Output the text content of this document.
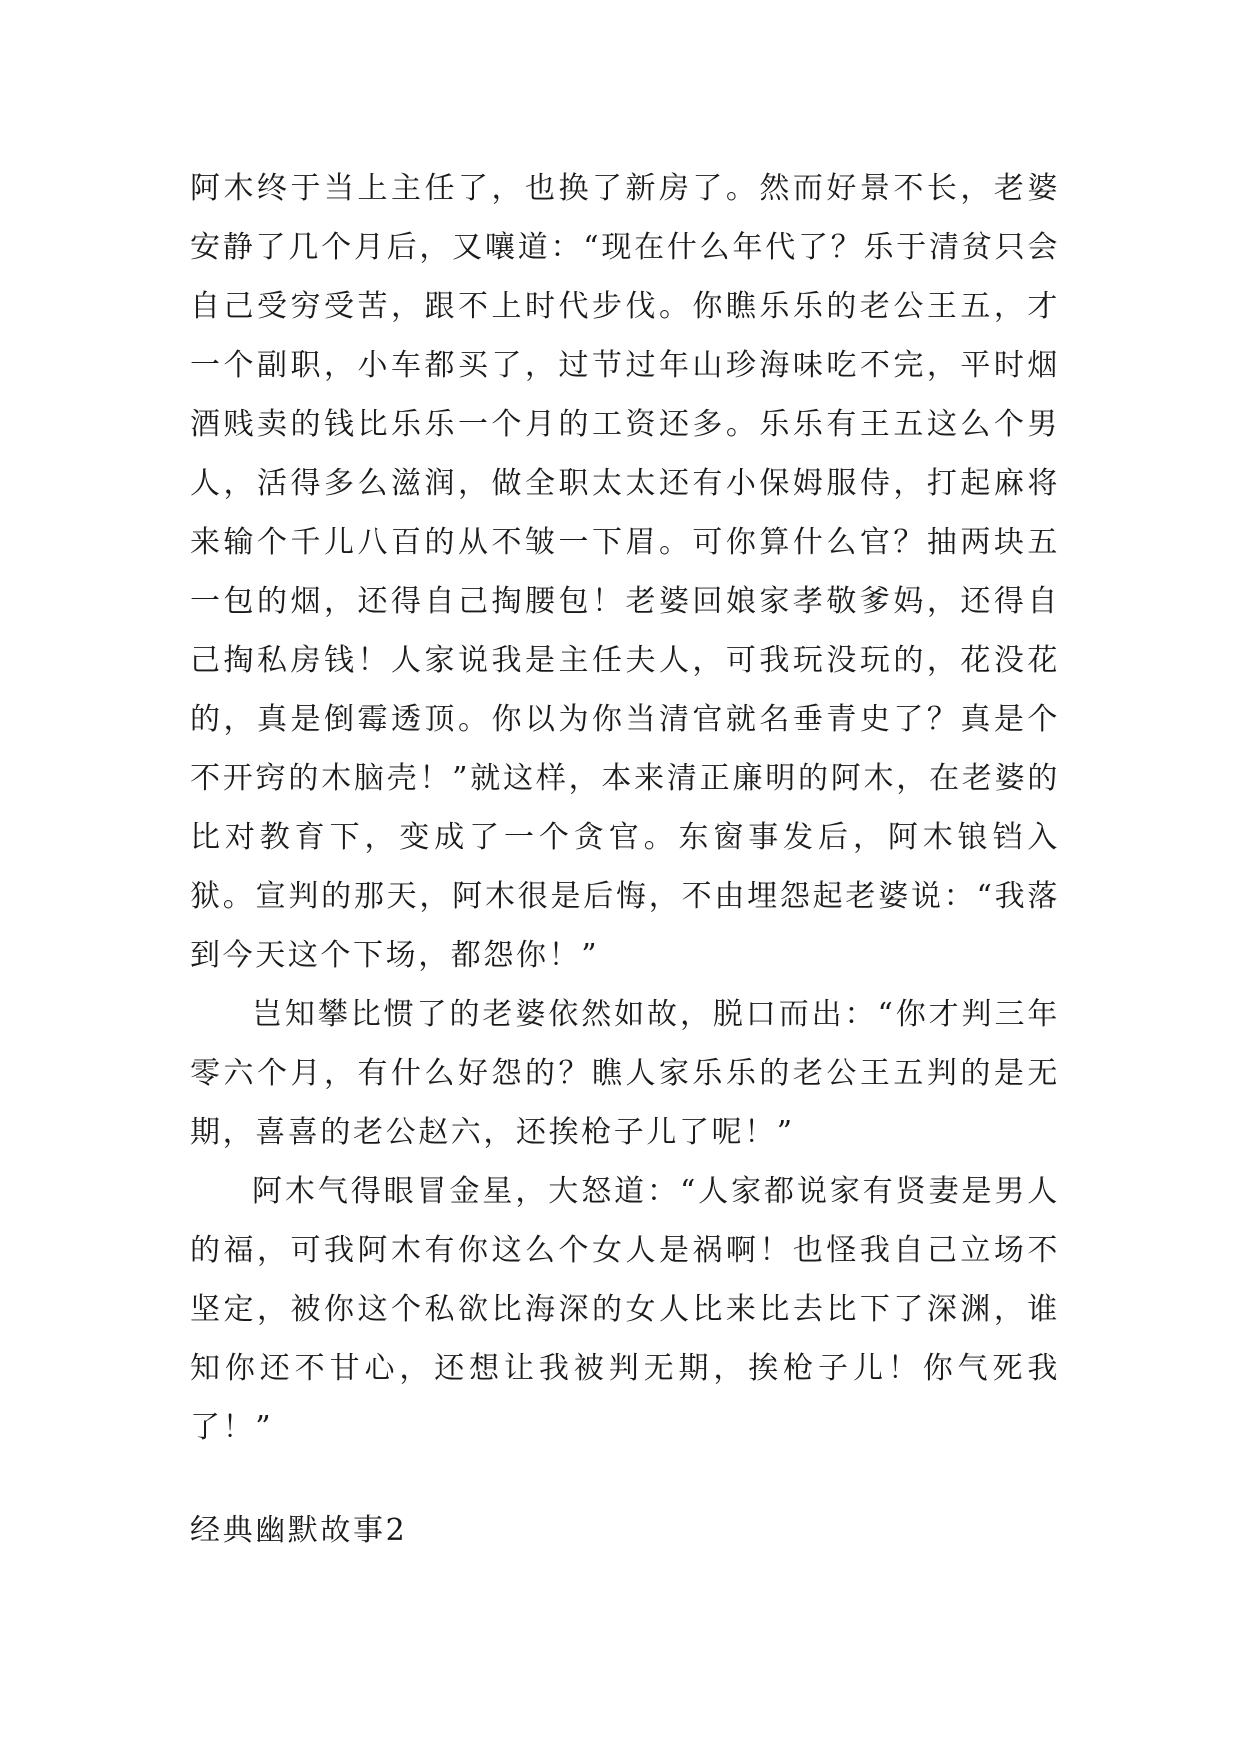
阿木终于当上主任了，也换了新房了。然而好景不长，老婆安静了几个月后，又嚷道：“现在什么年代了？乐于清贫只会自己受穷受苦，跟不上时代步伐。你瞧乐乐的老公王五，才一个副职，小车都买了，过节过年山珍海味吃不完，平时烟酒贱卖的钱比乐乐一个月的工资还多。乐乐有王五这么个男人，活得多么滋润，做全职太太还有小保姆服侍，打起麻将来输个千儿八百的从不皱一下眉。可你算什么官？抽两块五一包的烟，还得自己掏腰包！老婆回娘家孝敬爹妈，还得自己掏私房钱！人家说我是主任夫人，可我玩没玩的，花没花的，真是倒霉透顶。你以为你当清官就名垂青史了？真是个不开窍的木脑壳！”就这样，本来清正廉明的阿木，在老婆的比对教育下，变成了一个贪官。东窗事发后，阿木锒铛入狱。宣判的那天，阿木很是后悔，不由埋怨起老婆说：“我落到今天这个下场，都怨你！”

岂知攀比惯了的老婆依然如故，脱口而出：“你才判三年零六个月，有什么好怨的？瞧人家乐乐的老公王五判的是无期，喜喜的老公赵六，还挨枪子儿了呢！”

阿木气得眼冒金星，大怒道：“人家都说家有贤妻是男人的福，可我阿木有你这么个女人是祸啊！也怪我自己立场不坚定，被你这个私欲比海深的女人比来比去比下了深渊，谁知你还不甘心，还想让我被判无期，挨枪子儿！你气死我了！”

经典幽默故事2
